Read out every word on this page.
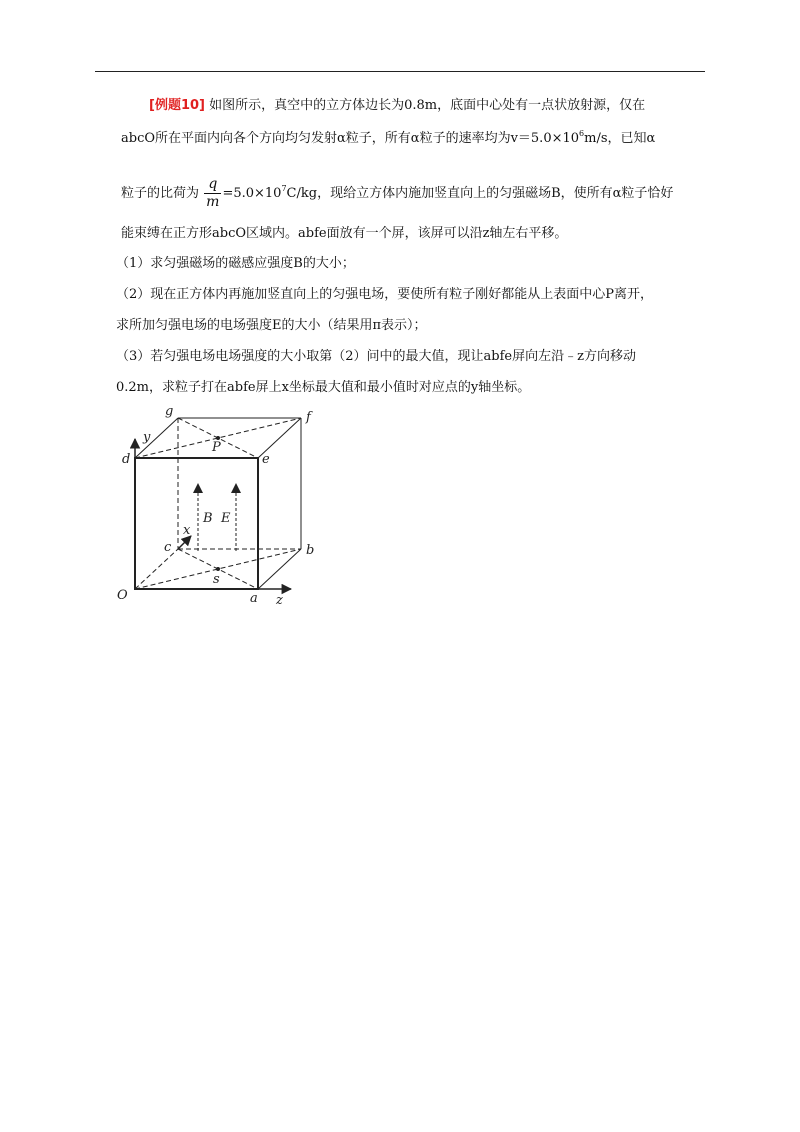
[例题10] 如图所示，真空中的立方体边长为0.8m，底面中心处有一点状放射源，仅在
abcO所在平面内向各个方向均匀发射α粒子，所有α粒子的速率均为$v=5.0\times 10^6m/s$，已知α
粒子的比荷为 $\frac{q}{m} =5.0\times 10^7C/kg$，现给立方体内施加竖直向上的匀强磁场B，使所有α粒子恰好
能束缚在正方形abcO区域内。abfe面放有一个屏，该屏可以沿z轴左右平移。
（1）求匀强磁场的磁感应强度B的大小；
（2）现在正方体内再施加竖直向上的匀强电场，要使所有粒子刚好都能从上表面中心P离开，
求所加匀强电场的电场强度E的大小（结果用π表示）；
（3）若匀强电场电场强度的大小取第（2）问中的最大值，现让abfe屏向左沿﹣z方向移动
0.2m，求粒子打在abfe屏上x坐标最大值和最小值时对应点的y轴坐标。
g	f
y
P
d	e
B E
x
c	b
s
O	a z
